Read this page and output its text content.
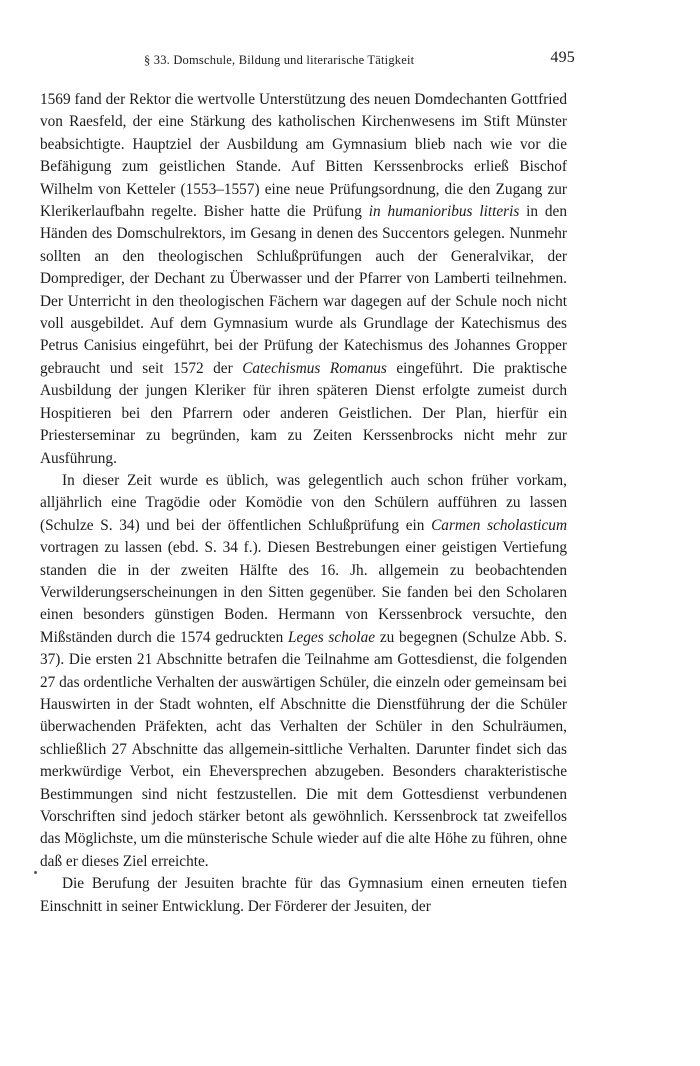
§ 33. Domschule, Bildung und literarische Tätigkeit	495

1569 fand der Rektor die wertvolle Unterstützung des neuen Domdechanten Gottfried von Raesfeld, der eine Stärkung des katholischen Kirchenwesens im Stift Münster beabsichtigte. Hauptziel der Ausbildung am Gymnasium blieb nach wie vor die Befähigung zum geistlichen Stande. Auf Bitten Kerssenbrocks erließ Bischof Wilhelm von Ketteler (1553–1557) eine neue Prüfungsordnung, die den Zugang zur Klerikerlaufbahn regelte. Bisher hatte die Prüfung in humanioribus litteris in den Händen des Domschulrektors, im Gesang in denen des Succentors gelegen. Nunmehr sollten an den theologischen Schlußprüfungen auch der Generalvikar, der Domprediger, der Dechant zu Überwasser und der Pfarrer von Lamberti teilnehmen. Der Unterricht in den theologischen Fächern war dagegen auf der Schule noch nicht voll ausgebildet. Auf dem Gymnasium wurde als Grundlage der Katechismus des Petrus Canisius eingeführt, bei der Prüfung der Katechismus des Johannes Gropper gebraucht und seit 1572 der Catechismus Romanus eingeführt. Die praktische Ausbildung der jungen Kleriker für ihren späteren Dienst erfolgte zumeist durch Hospitieren bei den Pfarrern oder anderen Geistlichen. Der Plan, hierfür ein Priesterseminar zu begründen, kam zu Zeiten Kerssenbrocks nicht mehr zur Ausführung.

In dieser Zeit wurde es üblich, was gelegentlich auch schon früher vorkam, alljährlich eine Tragödie oder Komödie von den Schülern aufführen zu lassen (Schulze S. 34) und bei der öffentlichen Schlußprüfung ein Carmen scholasticum vortragen zu lassen (ebd. S. 34 f.). Diesen Bestrebungen einer geistigen Vertiefung standen die in der zweiten Hälfte des 16. Jh. allgemein zu beobachtenden Verwilderungserscheinungen in den Sitten gegenüber. Sie fanden bei den Scholaren einen besonders günstigen Boden. Hermann von Kerssenbrock versuchte, den Mißständen durch die 1574 gedruckten Leges scholae zu begegnen (Schulze Abb. S. 37). Die ersten 21 Abschnitte betrafen die Teilnahme am Gottesdienst, die folgenden 27 das ordentliche Verhalten der auswärtigen Schüler, die einzeln oder gemeinsam bei Hauswirten in der Stadt wohnten, elf Abschnitte die Dienstführung der die Schüler überwachenden Präfekten, acht das Verhalten der Schüler in den Schulräumen, schließlich 27 Abschnitte das allgemein-sittliche Verhalten. Darunter findet sich das merkwürdige Verbot, ein Eheversprechen abzugeben. Besonders charakteristische Bestimmungen sind nicht festzustellen. Die mit dem Gottesdienst verbundenen Vorschriften sind jedoch stärker betont als gewöhnlich. Kerssenbrock tat zweifellos das Möglichste, um die münsterische Schule wieder auf die alte Höhe zu führen, ohne daß er dieses Ziel erreichte.

Die Berufung der Jesuiten brachte für das Gymnasium einen erneuten tiefen Einschnitt in seiner Entwicklung. Der Förderer der Jesuiten, der
